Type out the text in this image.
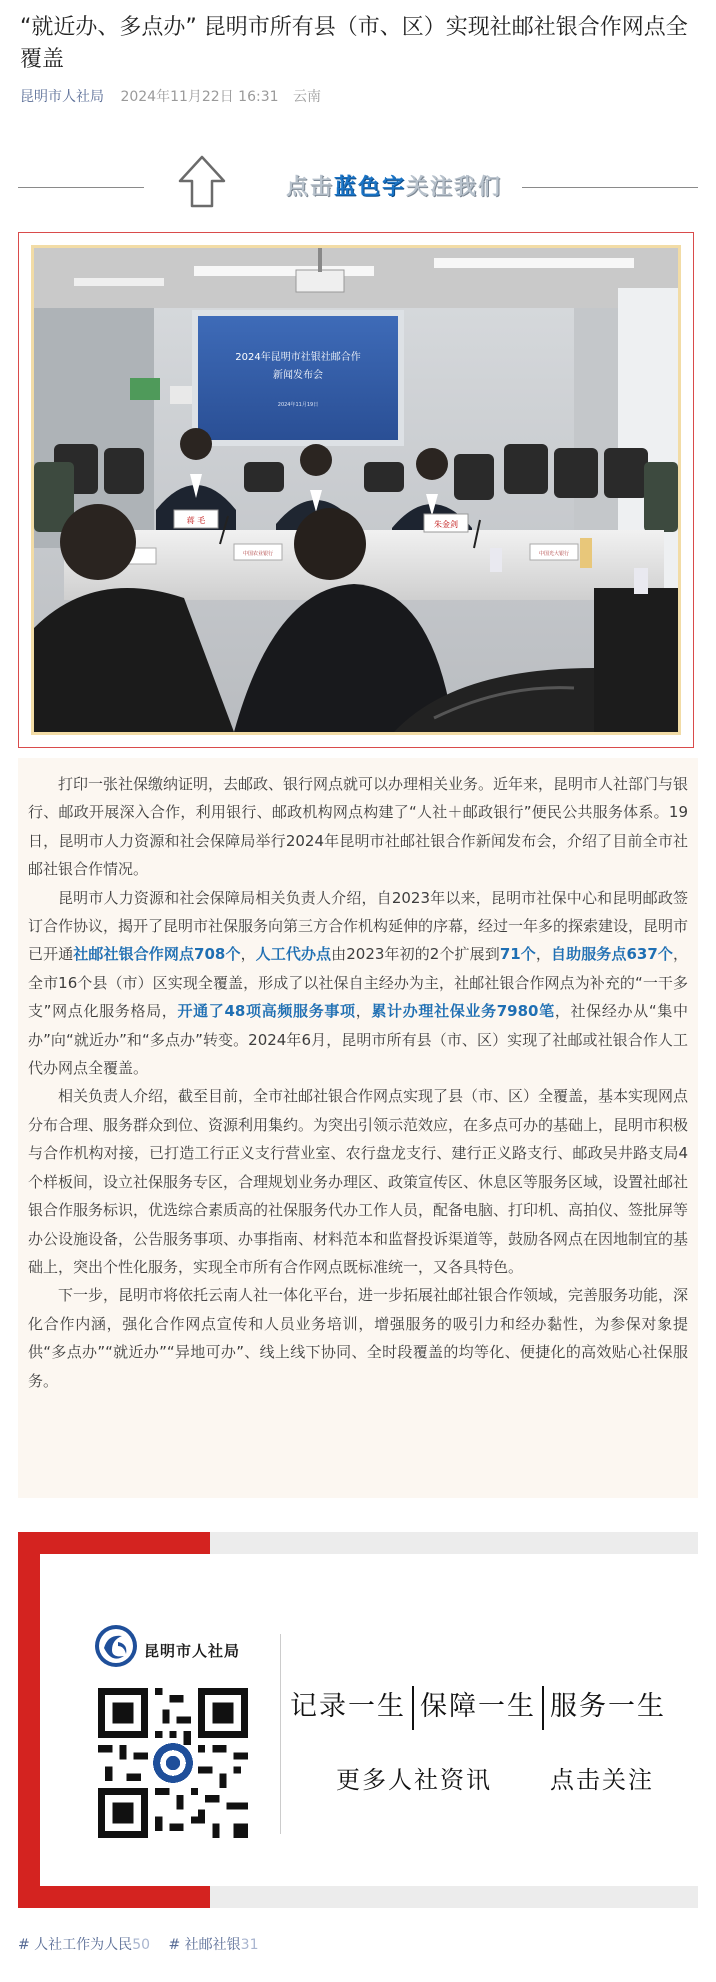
“就近办、多点办” 昆明市所有县（市、区）实现社邮社银合作网点全覆盖
昆明市人社局 2024年11月22日 16:31 云南
点击蓝色字关注我们
2024年昆明市社银社邮合作
新闻发布会
2024年11月19日
蒋 毛	朱金剑
中国农业银行	中国光大银行

打印一张社保缴纳证明，去邮政、银行网点就可以办理相关业务。近年来，昆明市人社部门与银行、邮政开展深入合作，利用银行、邮政机构网点构建了“人社＋邮政银行”便民公共服务体系。19日，昆明市人力资源和社会保障局举行2024年昆明市社邮社银合作新闻发布会，介绍了目前全市社邮社银合作情况。

昆明市人力资源和社会保障局相关负责人介绍，自2023年以来，昆明市社保中心和昆明邮政签订合作协议，揭开了昆明市社保服务向第三方合作机构延伸的序幕，经过一年多的探索建设，昆明市已开通社邮社银合作网点708个，人工代办点由2023年初的2个扩展到71个，自助服务点637个，全市16个县（市）区实现全覆盖，形成了以社保自主经办为主，社邮社银合作网点为补充的“一干多支”网点化服务格局，开通了48项高频服务事项，累计办理社保业务7980笔，社保经办从“集中办”向“就近办”和“多点办”转变。2024年6月，昆明市所有县（市、区）实现了社邮或社银合作人工代办网点全覆盖。

相关负责人介绍，截至目前，全市社邮社银合作网点实现了县（市、区）全覆盖，基本实现网点分布合理、服务群众到位、资源利用集约。为突出引领示范效应，在多点可办的基础上，昆明市积极与合作机构对接，已打造工行正义支行营业室、农行盘龙支行、建行正义路支行、邮政吴井路支局4个样板间，设立社保服务专区，合理规划业务办理区、政策宣传区、休息区等服务区域，设置社邮社银合作服务标识，优选综合素质高的社保服务代办工作人员，配备电脑、打印机、高拍仪、签批屏等办公设施设备，公告服务事项、办事指南、材料范本和监督投诉渠道等，鼓励各网点在因地制宜的基础上，突出个性化服务，实现全市所有合作网点既标准统一，又各具特色。

下一步，昆明市将依托云南人社一体化平台，进一步拓展社邮社银合作领域，完善服务功能，深化合作内涵，强化合作网点宣传和人员业务培训，增强服务的吸引力和经办黏性，为参保对象提供“多点办”“就近办”“异地可办”、线上线下协同、全时段覆盖的均等化、便捷化的高效贴心社保服务。

昆明市人社局
记录一生 保障一生 服务一生
更多人社资讯 点击关注
# 人社工作为人民50 # 社邮社银31
